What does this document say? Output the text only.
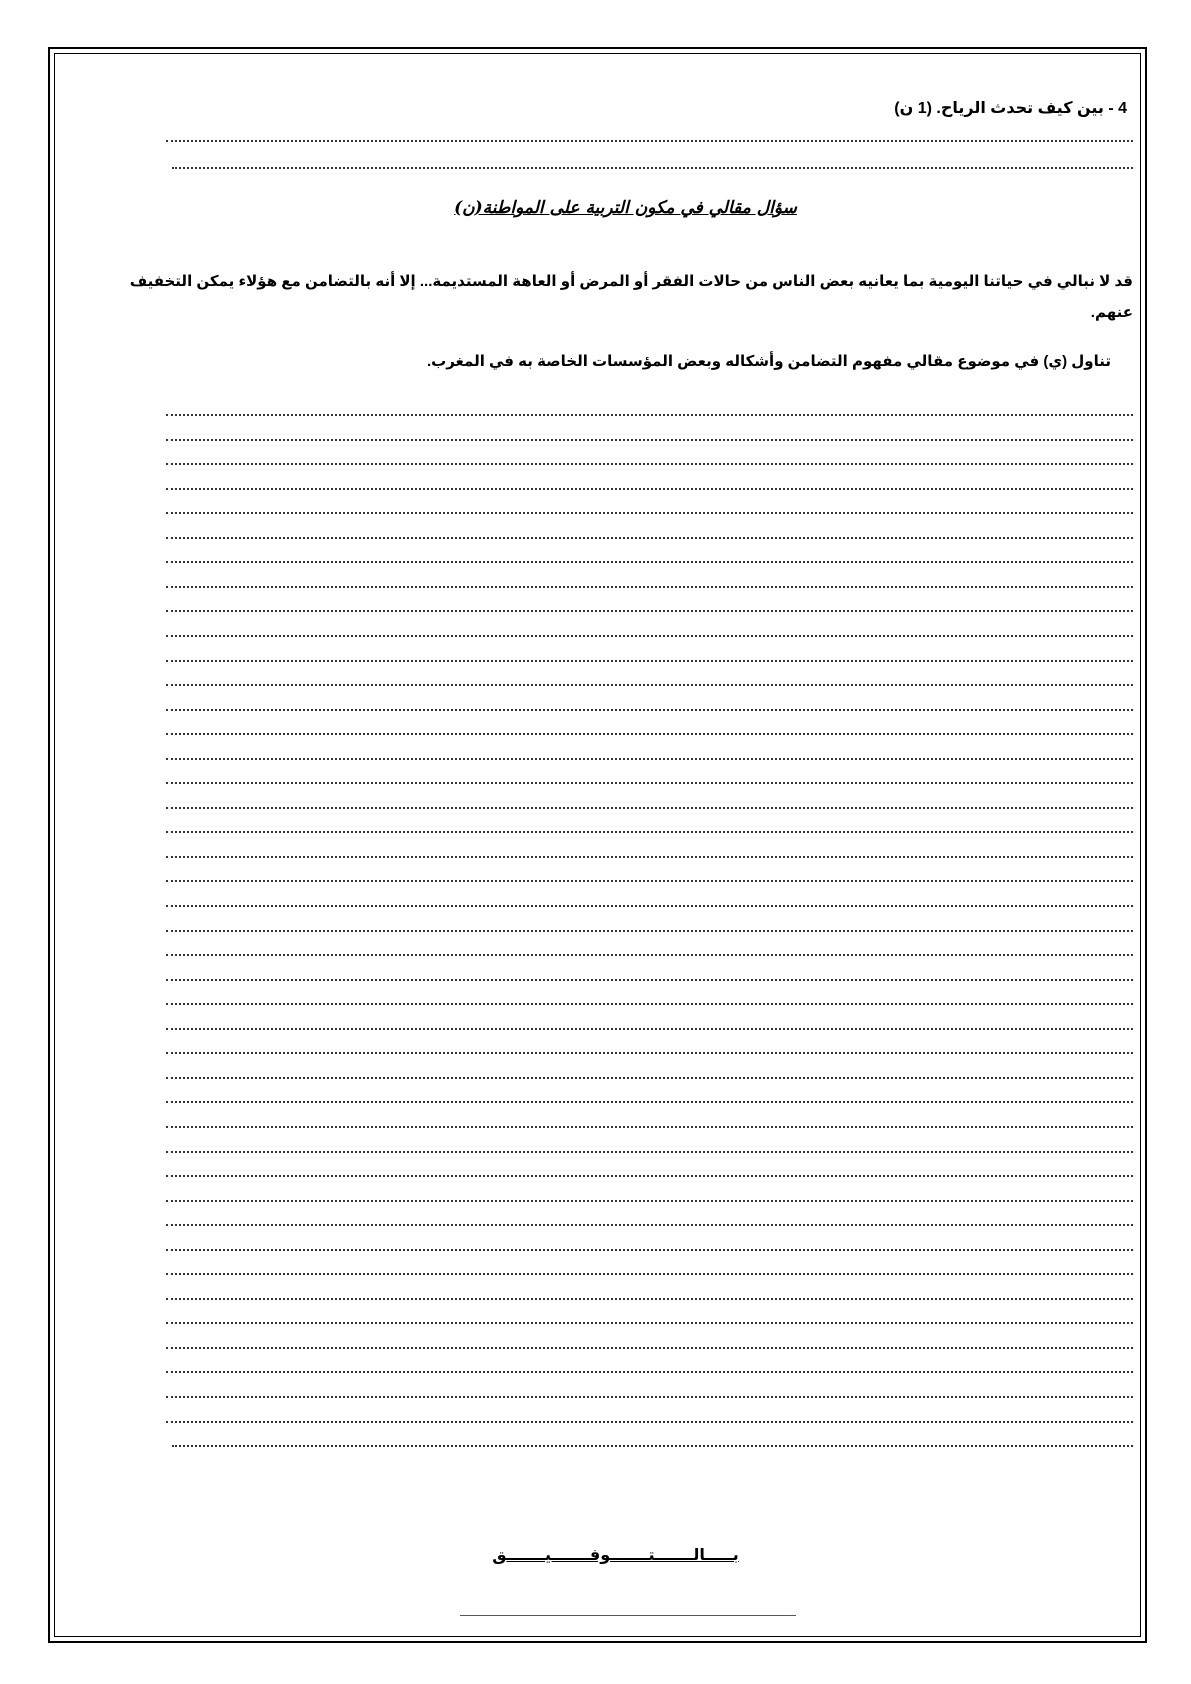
4 - بين كيف تحدث الرياح. (1 ن)
سؤال مقالي في مكون التربية على المواطنة(ن)
قد لا نبالي في حياتنا اليومية بما يعانيه بعض الناس من حالات الفقر أو المرض أو العاهة المستديمة... إلا أنه بالتضامن مع هؤلاء يمكن التخفيف
عنهم.
تناول (ي) في موضوع مقالي مفهوم التضامن وأشكاله وبعض المؤسسات الخاصة به في المغرب.
بـــــالـــــــتـــــــوفـــــــيـــــــق
